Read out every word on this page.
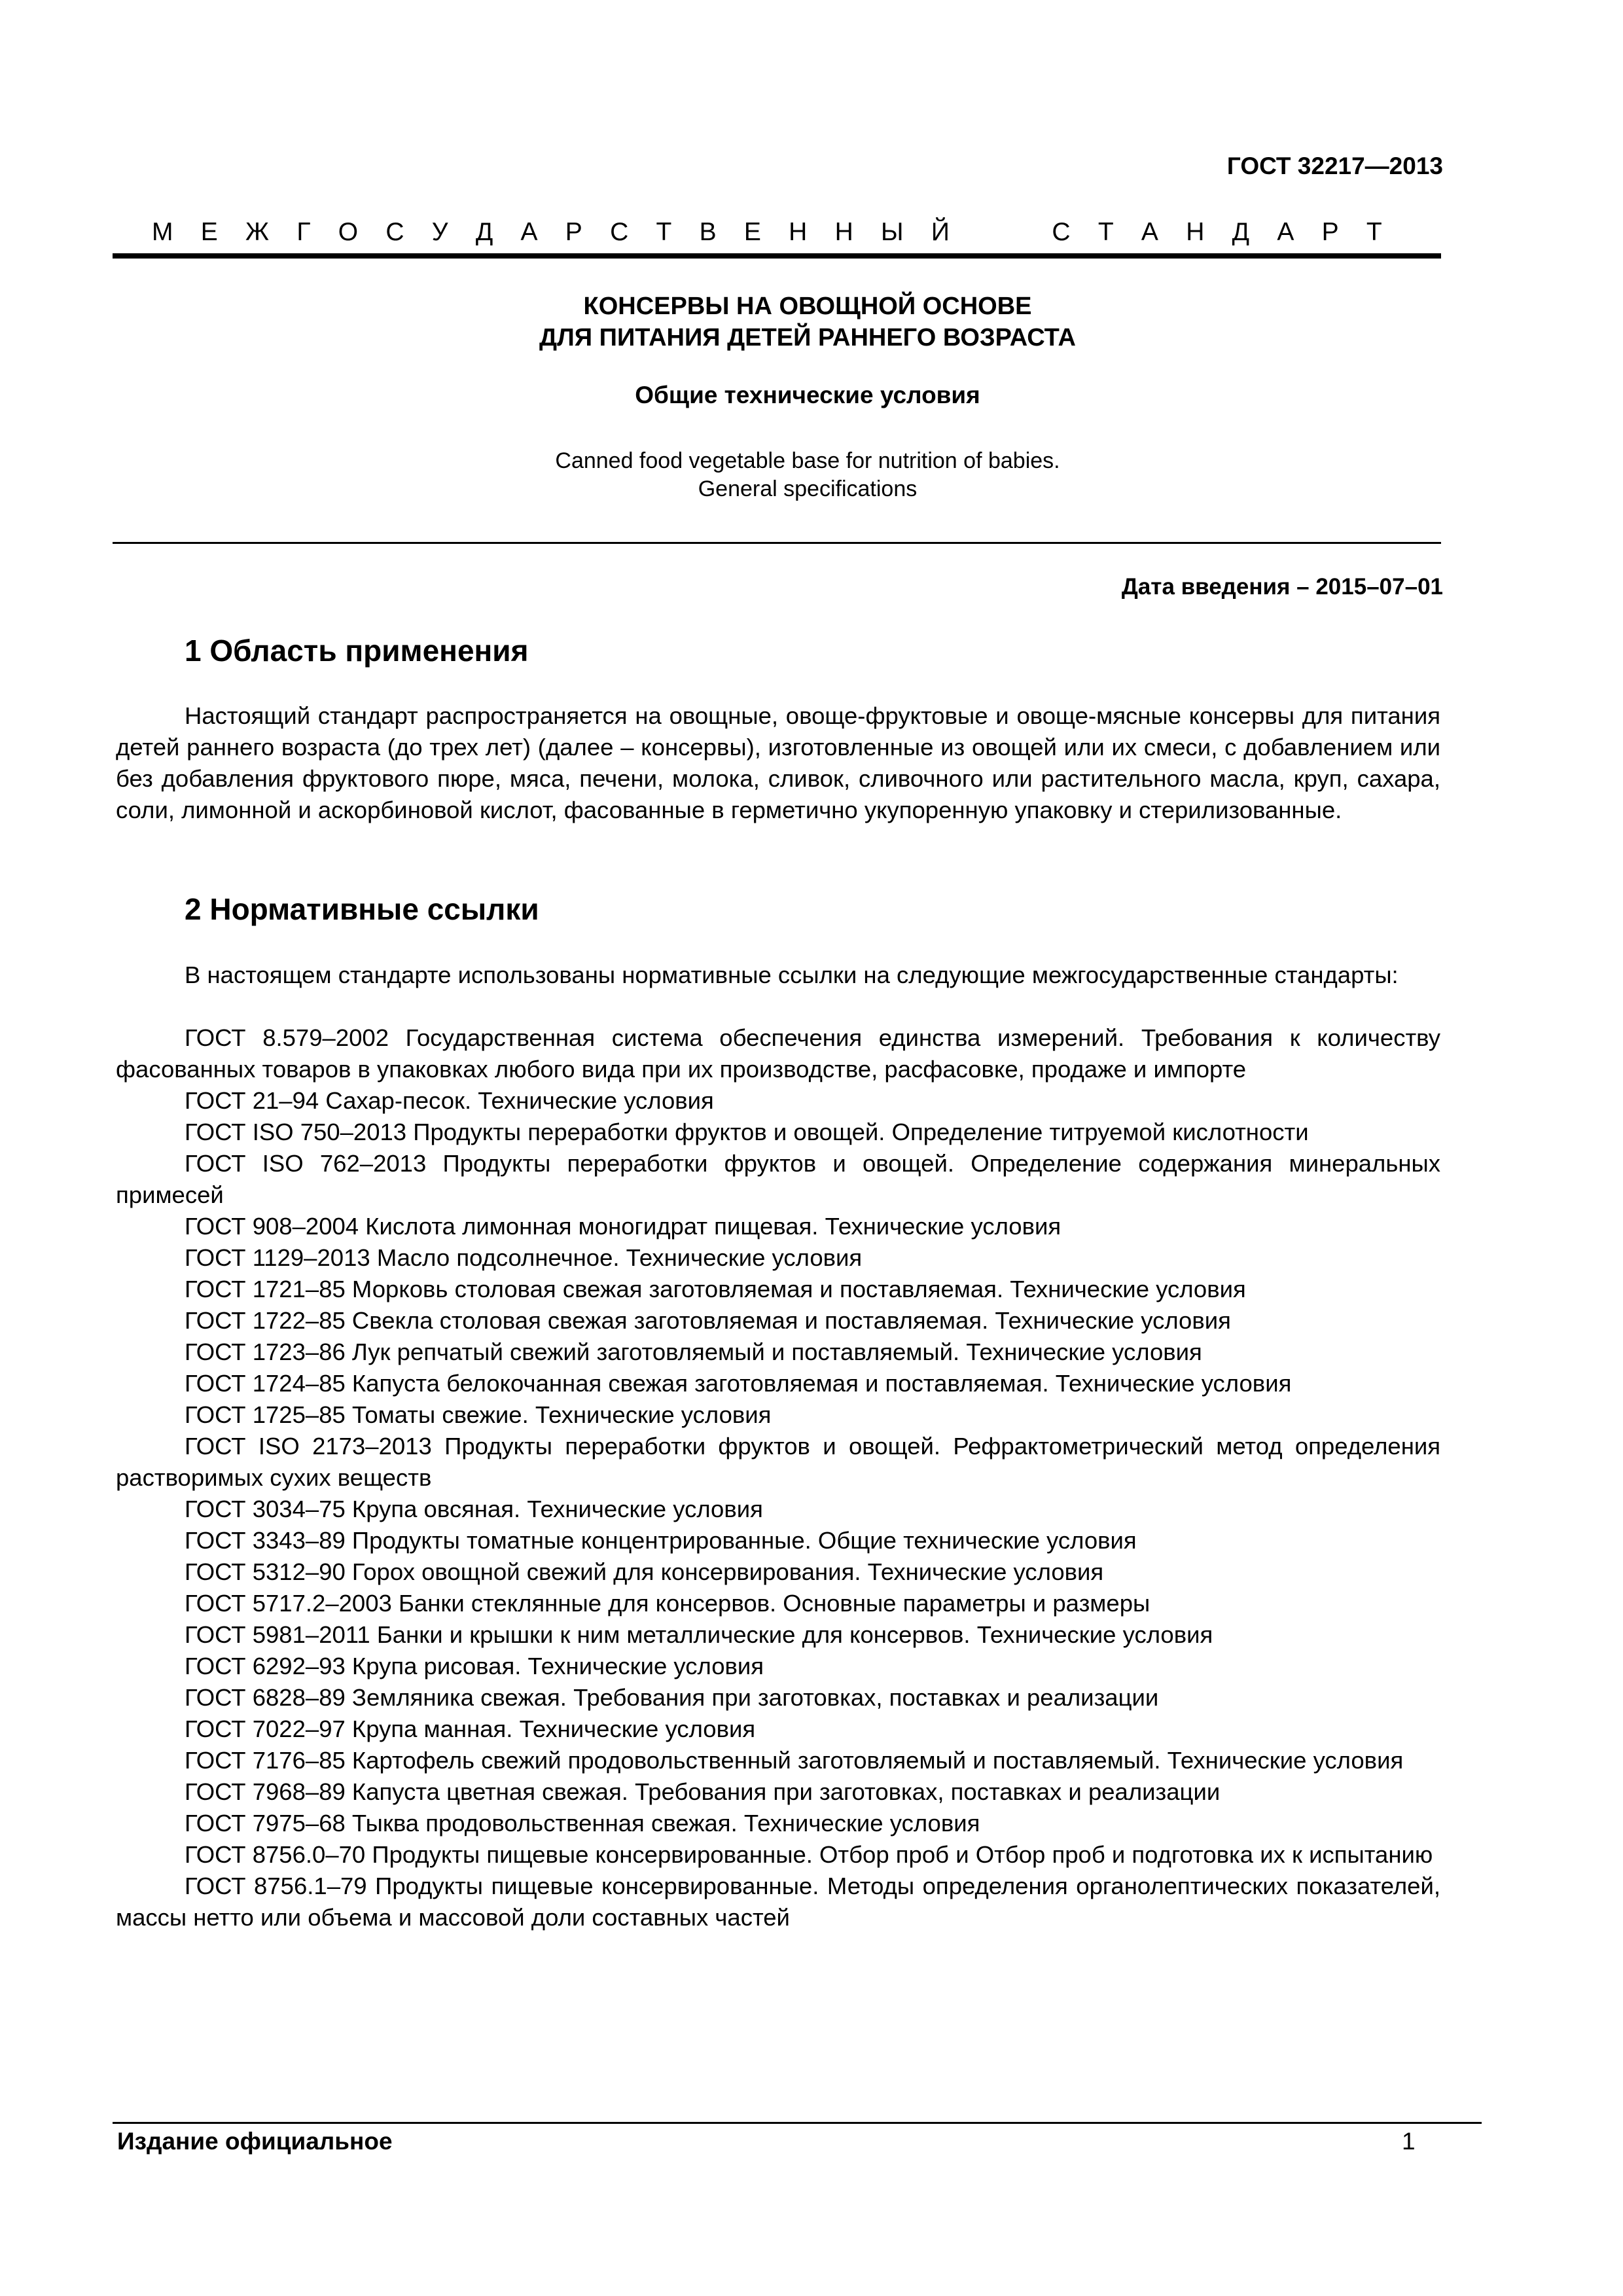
ГОСТ 32217—2013
М Е Ж Г О С У Д А Р С Т В Е Н Н Ы Й	С Т А Н Д А Р Т
КОНСЕРВЫ НА ОВОЩНОЙ ОСНОВЕ
ДЛЯ ПИТАНИЯ ДЕТЕЙ РАННЕГО ВОЗРАСТА
Общие технические условия
Canned food vegetable base for nutrition of babies.
General specifications
Дата введения – 2015–07–01
1 Область применения

Настоящий стандарт распространяется на овощные, овоще-фруктовые и овоще-мясные консервы для питания детей раннего возраста (до трех лет) (далее – консервы), изготовленные из овощей или их смеси, с добавлением или без добавления фруктового пюре, мяса, печени, молока, сливок, сливочного или растительного масла, круп, сахара, соли, лимонной и аскорбиновой кислот, фасованные в герметично укупоренную упаковку и стерилизованные.

2 Нормативные ссылки

В настоящем стандарте использованы нормативные ссылки на следующие межгосударственные стандарты:

ГОСТ 8.579–2002 Государственная система обеспечения единства измерений. Требования к количеству фасованных товаров в упаковках любого вида при их производстве, расфасовке, продаже и импорте
ГОСТ 21–94 Сахар-песок. Технические условия
ГОСТ ISO 750–2013 Продукты переработки фруктов и овощей. Определение титруемой кислотности
ГОСТ ISO 762–2013 Продукты переработки фруктов и овощей. Определение содержания минеральных примесей
ГОСТ 908–2004 Кислота лимонная моногидрат пищевая. Технические условия
ГОСТ 1129–2013 Масло подсолнечное. Технические условия
ГОСТ 1721–85 Морковь столовая свежая заготовляемая и поставляемая. Технические условия
ГОСТ 1722–85 Свекла столовая свежая заготовляемая и поставляемая. Технические условия
ГОСТ 1723–86 Лук репчатый свежий заготовляемый и поставляемый. Технические условия
ГОСТ 1724–85 Капуста белокочанная свежая заготовляемая и поставляемая. Технические условия
ГОСТ 1725–85 Томаты свежие. Технические условия
ГОСТ ISO 2173–2013 Продукты переработки фруктов и овощей. Рефрактометрический метод определения растворимых сухих веществ
ГОСТ 3034–75 Крупа овсяная. Технические условия
ГОСТ 3343–89 Продукты томатные концентрированные. Общие технические условия
ГОСТ 5312–90 Горох овощной свежий для консервирования. Технические условия
ГОСТ 5717.2–2003 Банки стеклянные для консервов. Основные параметры и размеры
ГОСТ 5981–2011 Банки и крышки к ним металлические для консервов. Технические условия
ГОСТ 6292–93 Крупа рисовая. Технические условия
ГОСТ 6828–89 Земляника свежая. Требования при заготовках, поставках и реализации
ГОСТ 7022–97 Крупа манная. Технические условия
ГОСТ 7176–85 Картофель свежий продовольственный заготовляемый и поставляемый. Технические условия
ГОСТ 7968–89 Капуста цветная свежая. Требования при заготовках, поставках и реализации
ГОСТ 7975–68 Тыква продовольственная свежая. Технические условия
ГОСТ 8756.0–70 Продукты пищевые консервированные. Отбор проб и Отбор проб и подготовка их к испытанию
ГОСТ 8756.1–79 Продукты пищевые консервированные. Методы определения органолептических показателей, массы нетто или объема и массовой доли составных частей
Издание официальное	1
